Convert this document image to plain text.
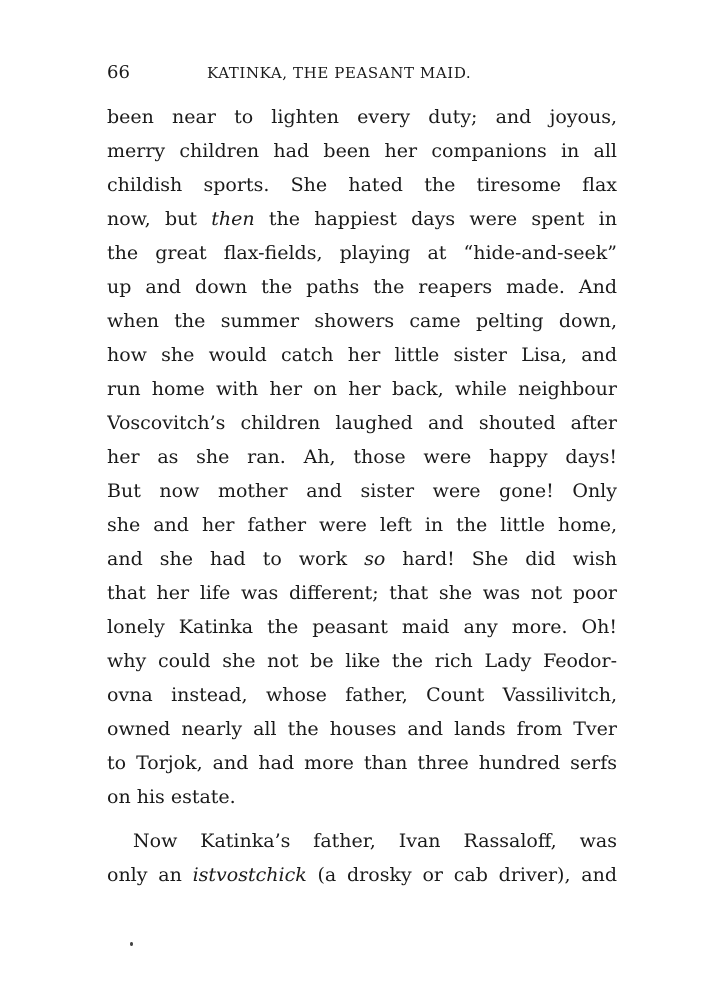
66	KATINKA, THE PEASANT MAID.
been near to lighten every duty; and joyous,
merry children had been her companions in all
childish sports. She hated the tiresome flax
now, but then the happiest days were spent in
the great flax-fields, playing at “hide-and-seek”
up and down the paths the reapers made. And
when the summer showers came pelting down,
how she would catch her little sister Lisa, and
run home with her on her back, while neighbour
Voscovitch’s children laughed and shouted after
her as she ran. Ah, those were happy days!
But now mother and sister were gone! Only
she and her father were left in the little home,
and she had to work so hard! She did wish
that her life was different; that she was not poor
lonely Katinka the peasant maid any more. Oh!
why could she not be like the rich Lady Feodor-
ovna instead, whose father, Count Vassilivitch,
owned nearly all the houses and lands from Tver
to Torjok, and had more than three hundred serfs
on his estate.
Now Katinka’s father, Ivan Rassaloff, was
only an istvostchick (a drosky or cab driver), and
